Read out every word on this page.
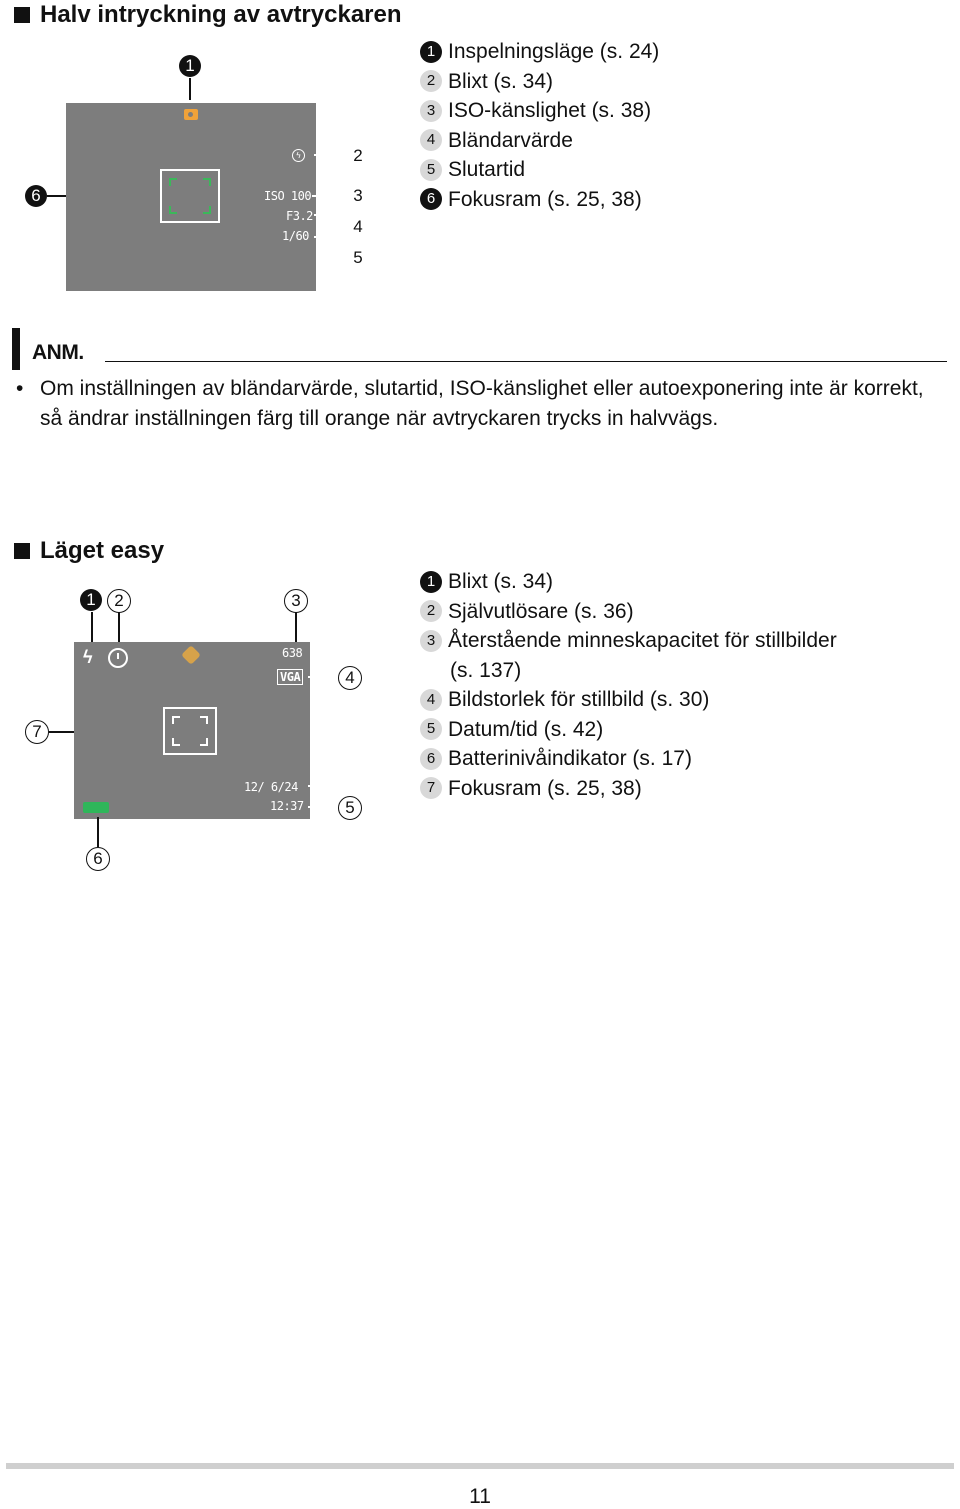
Halv intryckning av avtryckaren
1
6
ϟ
ISO 100
F3.2
1/60
2
3
4
5
1 Inspelningsläge (s. 24)
2 Blixt (s. 34)
3 ISO-känslighet (s. 38)
4 Bländarvärde
5 Slutartid
6 Fokusram (s. 25, 38)
ANM.
• Om inställningen av bländarvärde, slutartid, ISO-känslighet eller autoexponering inte är korrekt, så ändrar inställningen färg till orange när avtryckaren trycks in halvvägs.
Läget easy
1	2	3
7
ϟ	638
VGA
12/ 6/24
12:37
4
5
6
1 Blixt (s. 34)
2 Självutlösare (s. 36)
3 Återstående minneskapacitet för stillbilder
(s. 137)
4 Bildstorlek för stillbild (s. 30)
5 Datum/tid (s. 42)
6 Batterinivåindikator (s. 17)
7 Fokusram (s. 25, 38)
11
